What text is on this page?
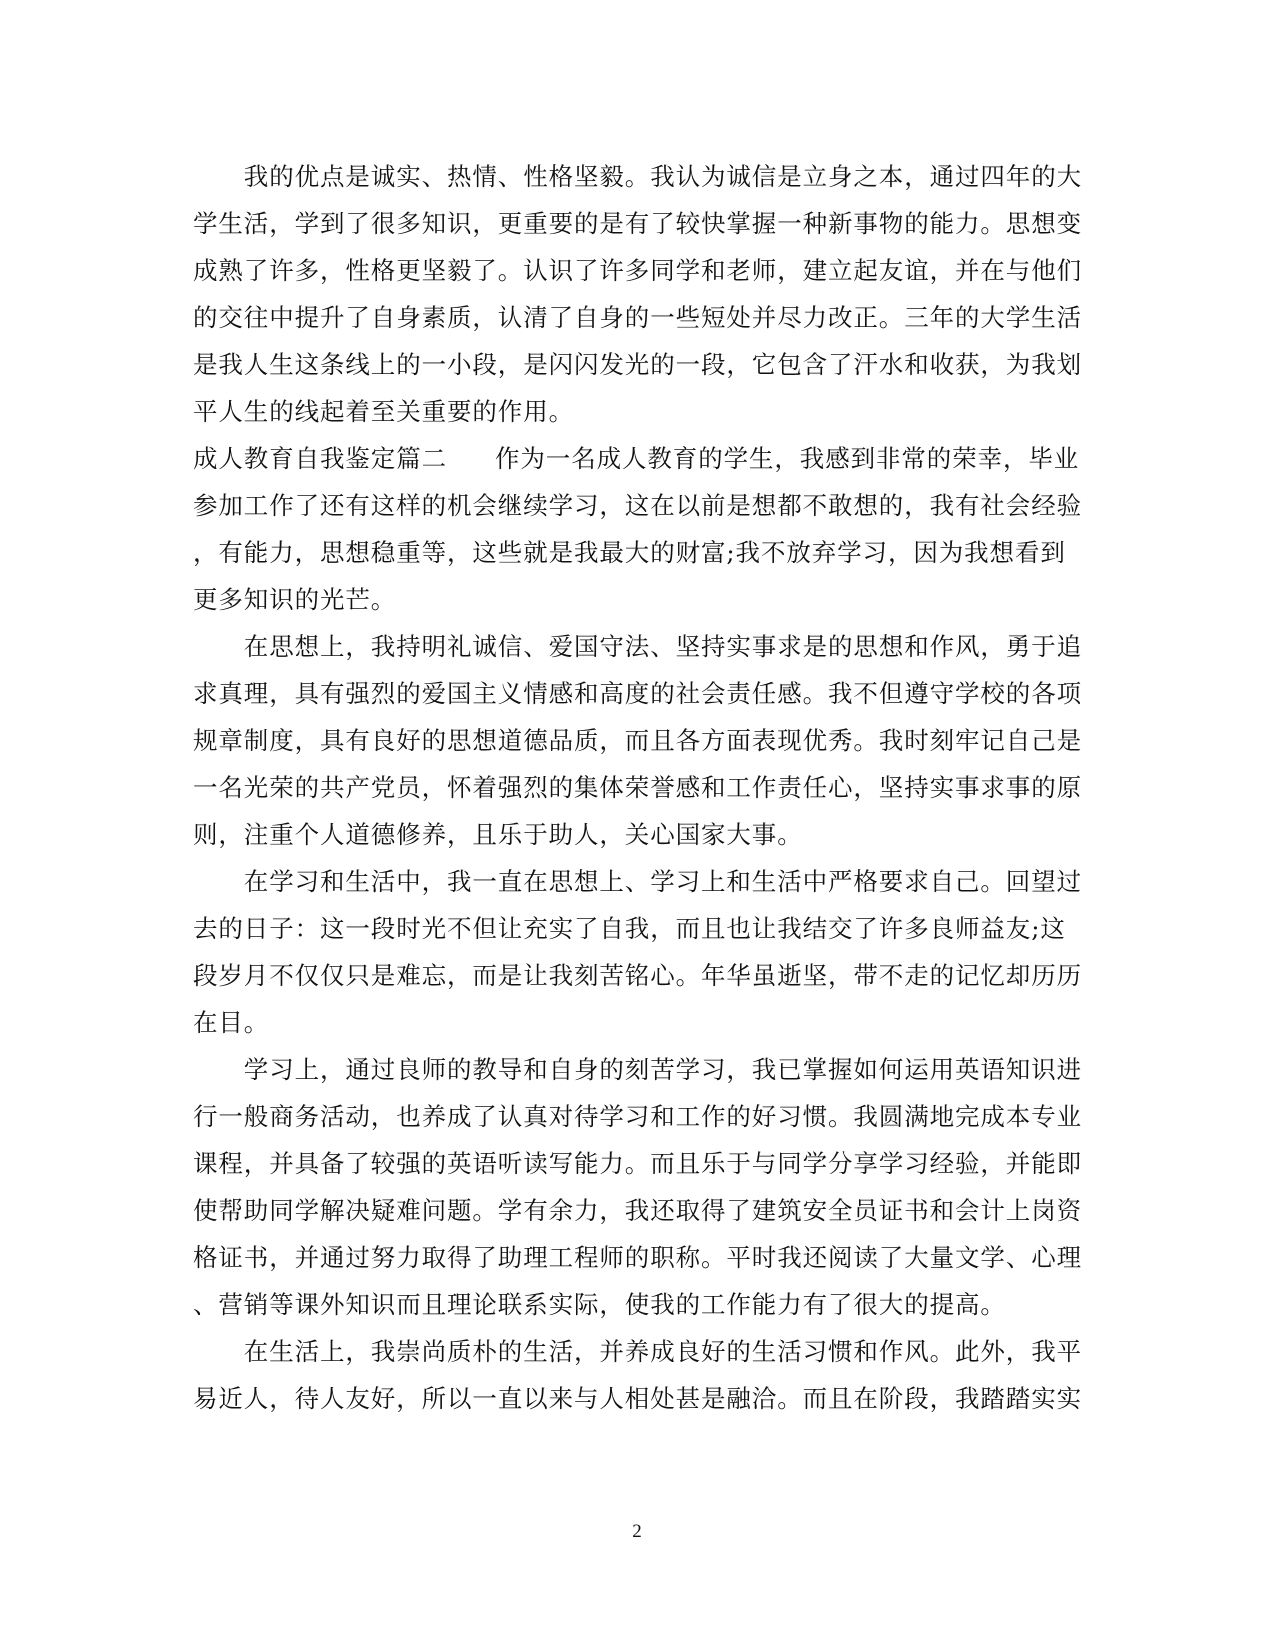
　　我的优点是诚实、热情、性格坚毅。我认为诚信是立身之本，通过四年的大
学生活，学到了很多知识，更重要的是有了较快掌握一种新事物的能力。思想变
成熟了许多，性格更坚毅了。认识了许多同学和老师，建立起友谊，并在与他们
的交往中提升了自身素质，认清了自身的一些短处并尽力改正。三年的大学生活
是我人生这条线上的一小段，是闪闪发光的一段，它包含了汗水和收获，为我划
平人生的线起着至关重要的作用。
成人教育自我鉴定篇二 作为一名成人教育的学生，我感到非常的荣幸，毕业
参加工作了还有这样的机会继续学习，这在以前是想都不敢想的，我有社会经验
，有能力，思想稳重等，这些就是我最大的财富;我不放弃学习，因为我想看到
更多知识的光芒。
　　在思想上，我持明礼诚信、爱国守法、坚持实事求是的思想和作风，勇于追
求真理，具有强烈的爱国主义情感和高度的社会责任感。我不但遵守学校的各项
规章制度，具有良好的思想道德品质，而且各方面表现优秀。我时刻牢记自己是
一名光荣的共产党员，怀着强烈的集体荣誉感和工作责任心，坚持实事求事的原
则，注重个人道德修养，且乐于助人，关心国家大事。
　　在学习和生活中，我一直在思想上、学习上和生活中严格要求自己。回望过
去的日子：这一段时光不但让充实了自我，而且也让我结交了许多良师益友;这
段岁月不仅仅只是难忘，而是让我刻苦铭心。年华虽逝坚，带不走的记忆却历历
在目。
　　学习上，通过良师的教导和自身的刻苦学习，我已掌握如何运用英语知识进
行一般商务活动，也养成了认真对待学习和工作的好习惯。我圆满地完成本专业
课程，并具备了较强的英语听读写能力。而且乐于与同学分享学习经验，并能即
使帮助同学解决疑难问题。学有余力，我还取得了建筑安全员证书和会计上岗资
格证书，并通过努力取得了助理工程师的职称。平时我还阅读了大量文学、心理
、营销等课外知识而且理论联系实际，使我的工作能力有了很大的提高。
　　在生活上，我崇尚质朴的生活，并养成良好的生活习惯和作风。此外，我平
易近人，待人友好，所以一直以来与人相处甚是融洽。而且在阶段，我踏踏实实
2
